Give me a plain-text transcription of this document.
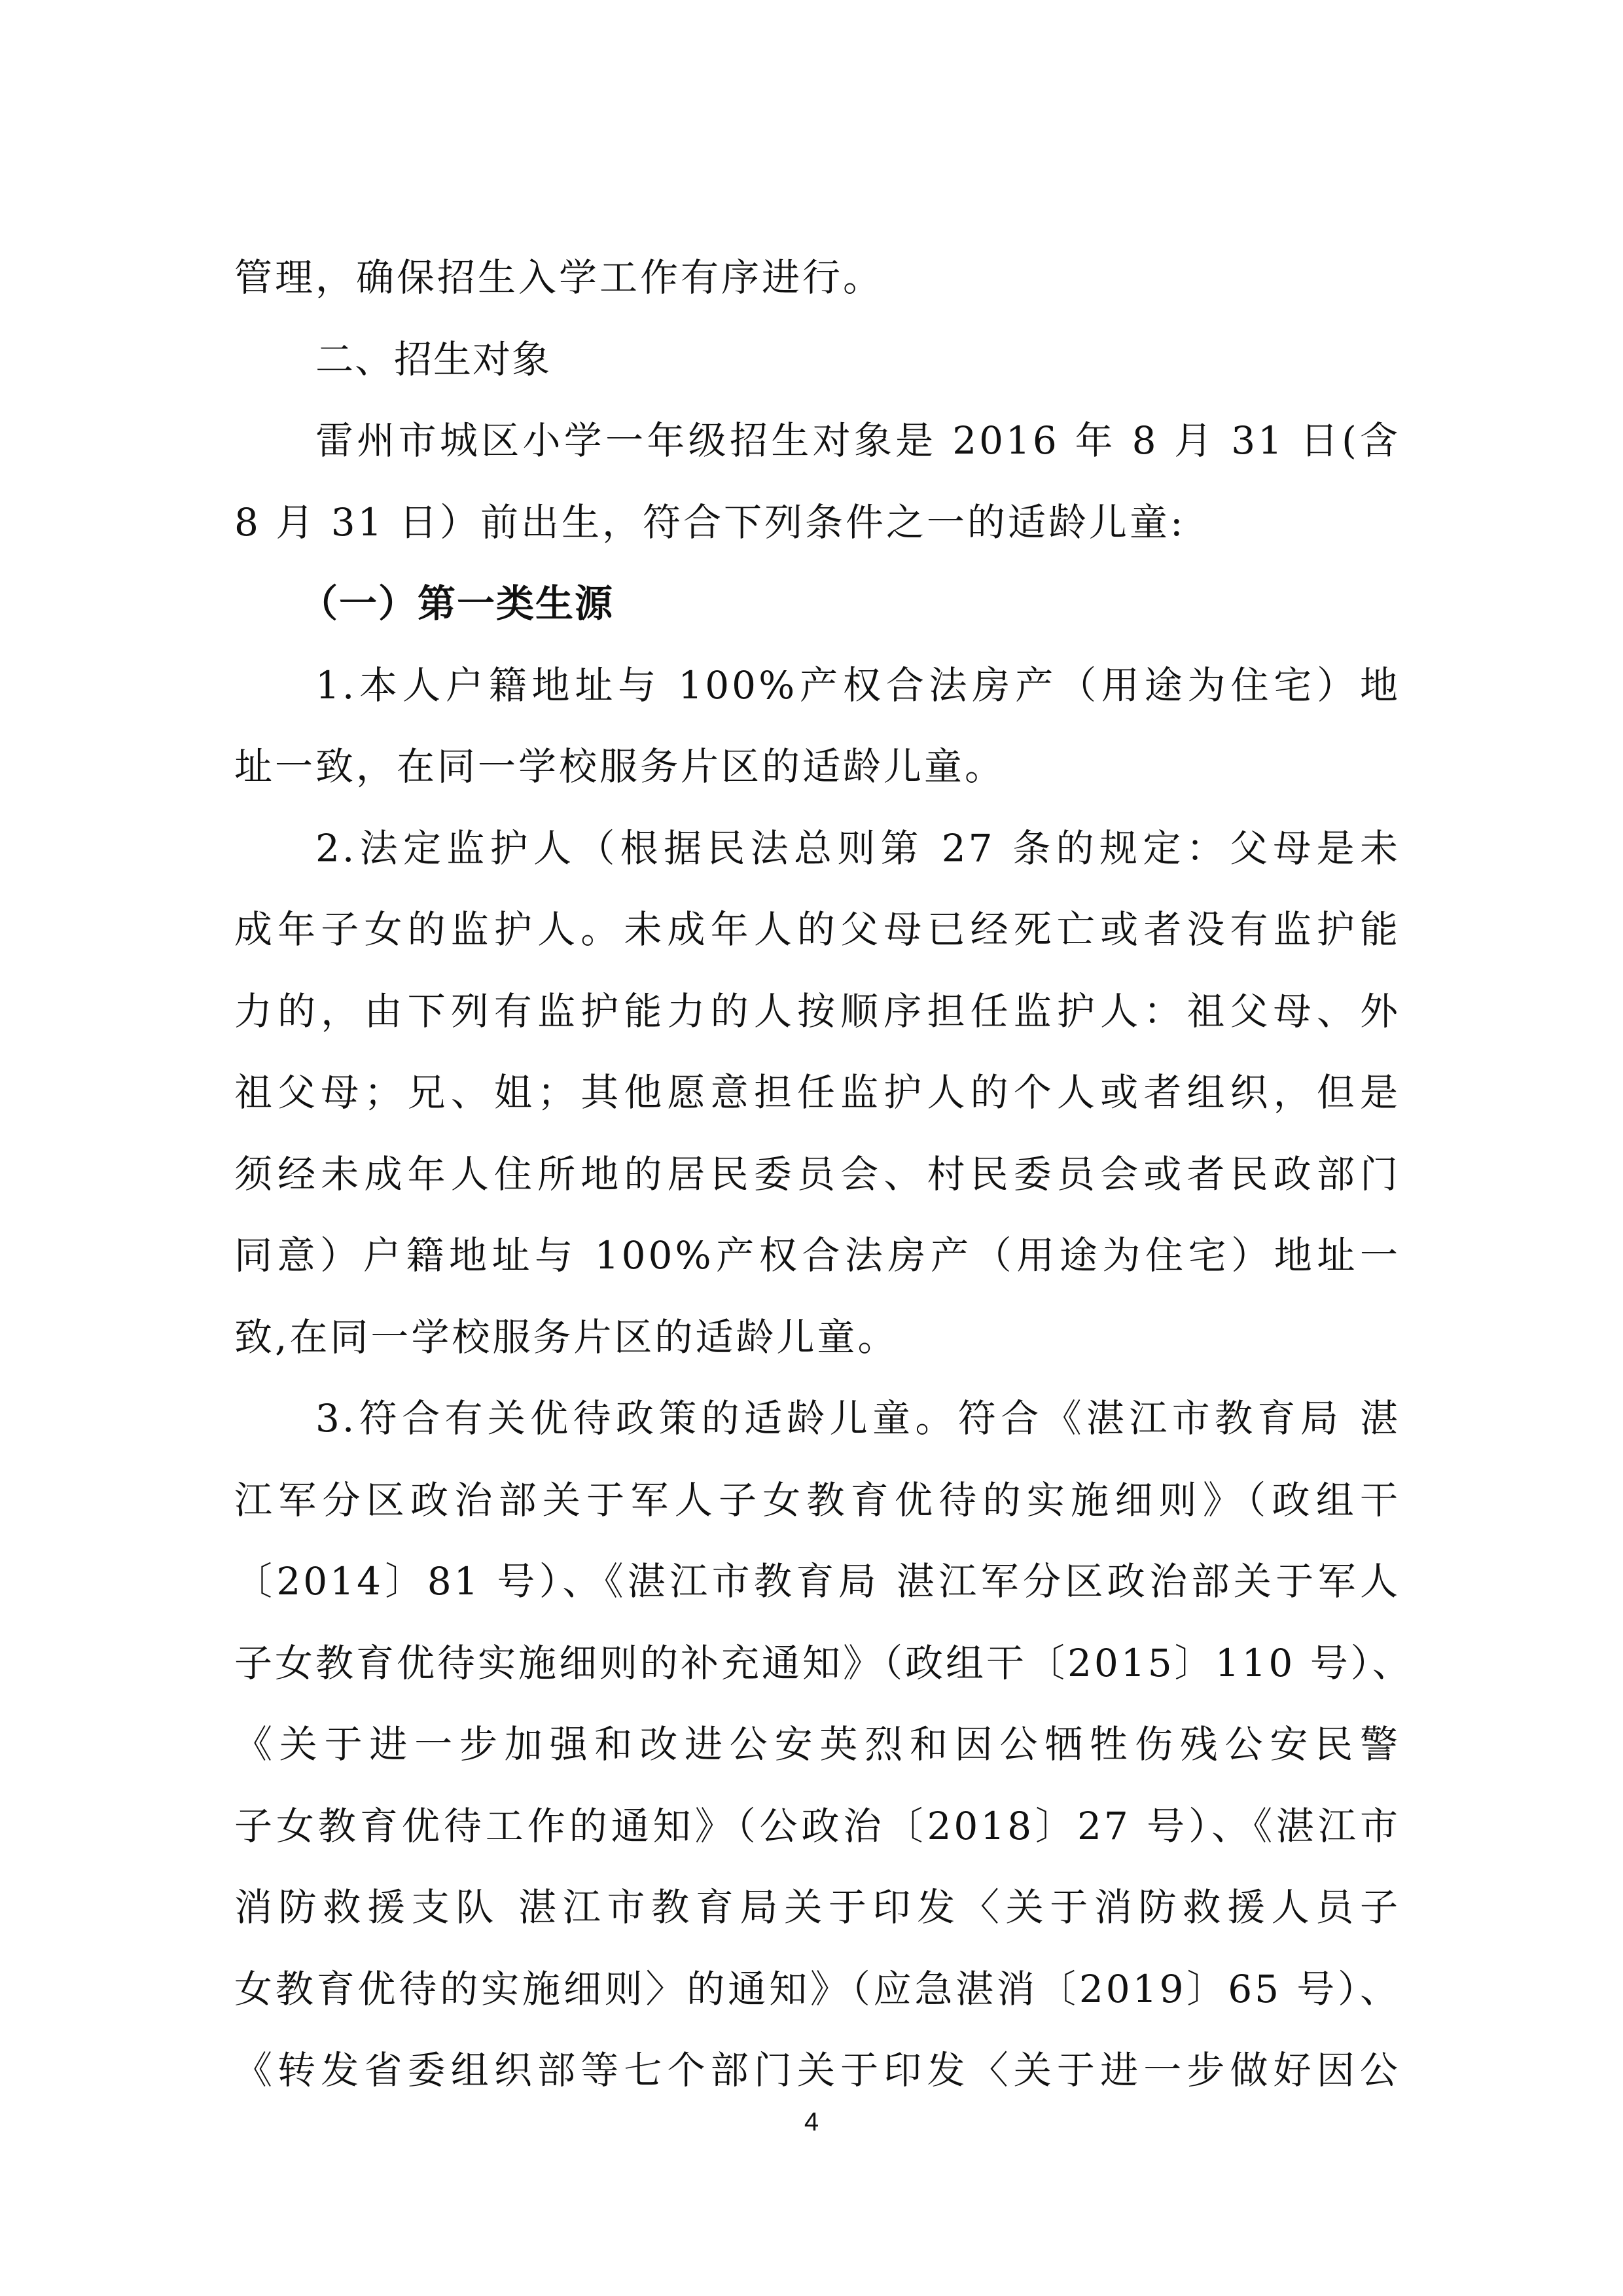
管理，确保招生入学工作有序进行。
二、招生对象
雷州市城区小学一年级招生对象是 2016 年 8 月 31 日(含
8 月 31 日）前出生，符合下列条件之一的适龄儿童:
（一）第一类生源
1.本人户籍地址与 100%产权合法房产（用途为住宅）地
址一致，在同一学校服务片区的适龄儿童。
2.法定监护人（根据民法总则第 27 条的规定：父母是未
成年子女的监护人。未成年人的父母已经死亡或者没有监护能
力的，由下列有监护能力的人按顺序担任监护人：祖父母、外
祖父母；兄、姐；其他愿意担任监护人的个人或者组织，但是
须经未成年人住所地的居民委员会、村民委员会或者民政部门
同意）户籍地址与 100%产权合法房产（用途为住宅）地址一
致,在同一学校服务片区的适龄儿童。
3.符合有关优待政策的适龄儿童。符合《湛江市教育局 湛
江军分区政治部关于军人子女教育优待的实施细则》（政组干
〔2014〕81 号）、《湛江市教育局 湛江军分区政治部关于军人
子女教育优待实施细则的补充通知》（政组干〔2015〕110 号）、
《关于进一步加强和改进公安英烈和因公牺牲伤残公安民警
子女教育优待工作的通知》（公政治〔2018〕27 号）、《湛江市
消防救援支队 湛江市教育局关于印发〈关于消防救援人员子
女教育优待的实施细则〉的通知》（应急湛消〔2019〕65 号）、
《转发省委组织部等七个部门关于印发〈关于进一步做好因公
4
